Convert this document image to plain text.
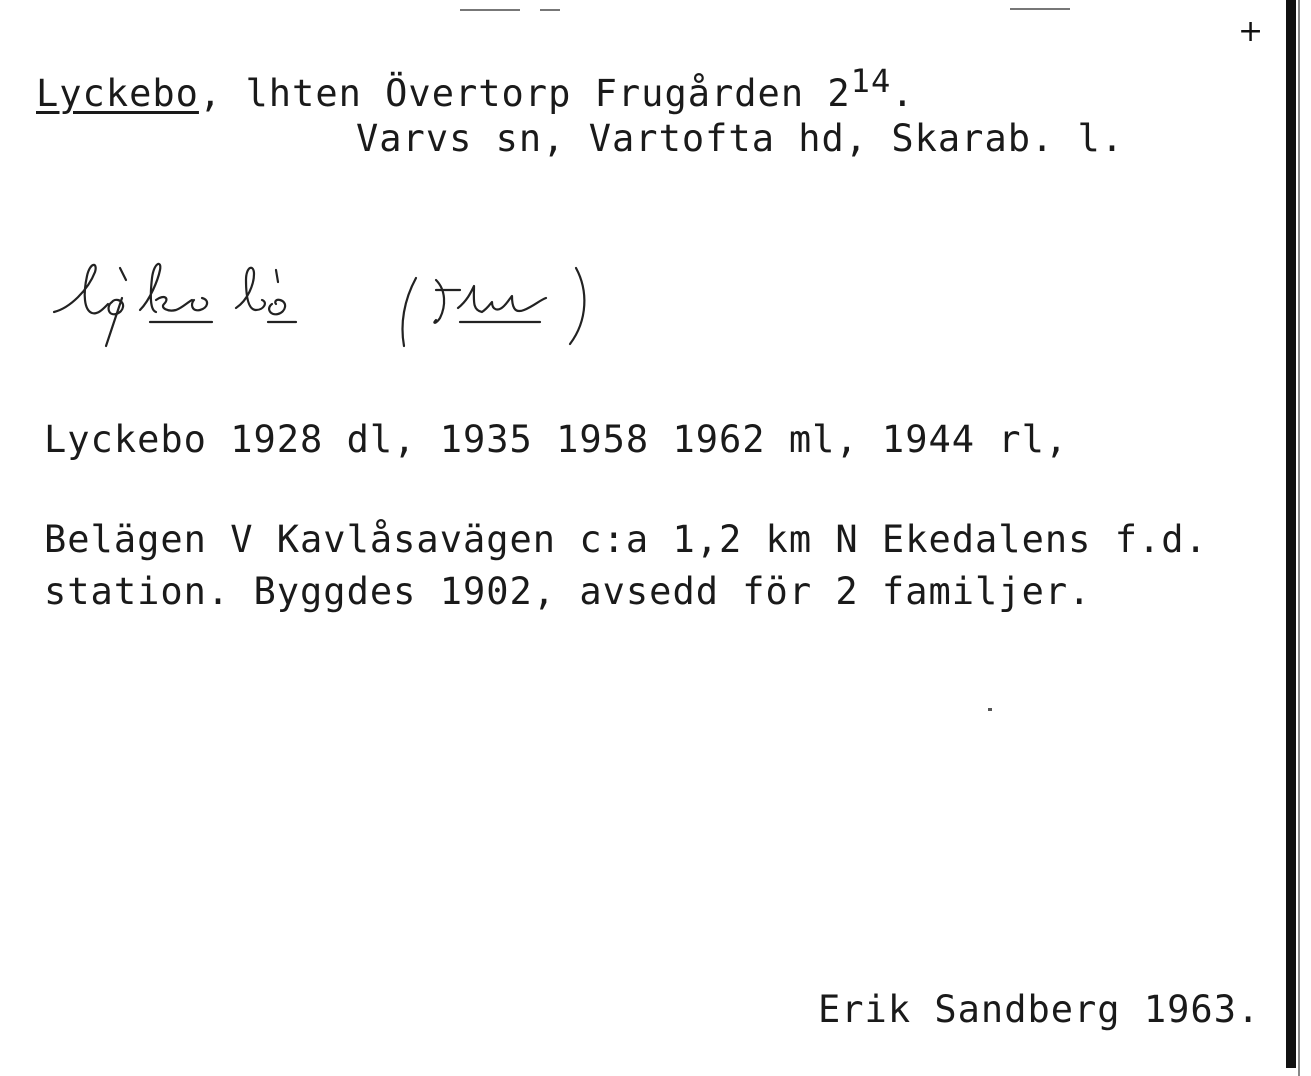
+
Lyckebo, lhten Övertorp Frugården $2^{14}$.
Varvs sn, Vartofta hd, Skarab. l.
Lyckebo 1928 dl, 1935 1958 1962 ml, 1944 rl,
Belägen V Kavlåsavägen c:a 1,2 km N Ekedalens f.d.
station. Byggdes 1902, avsedd för 2 familjer.
Erik Sandberg 1963.
